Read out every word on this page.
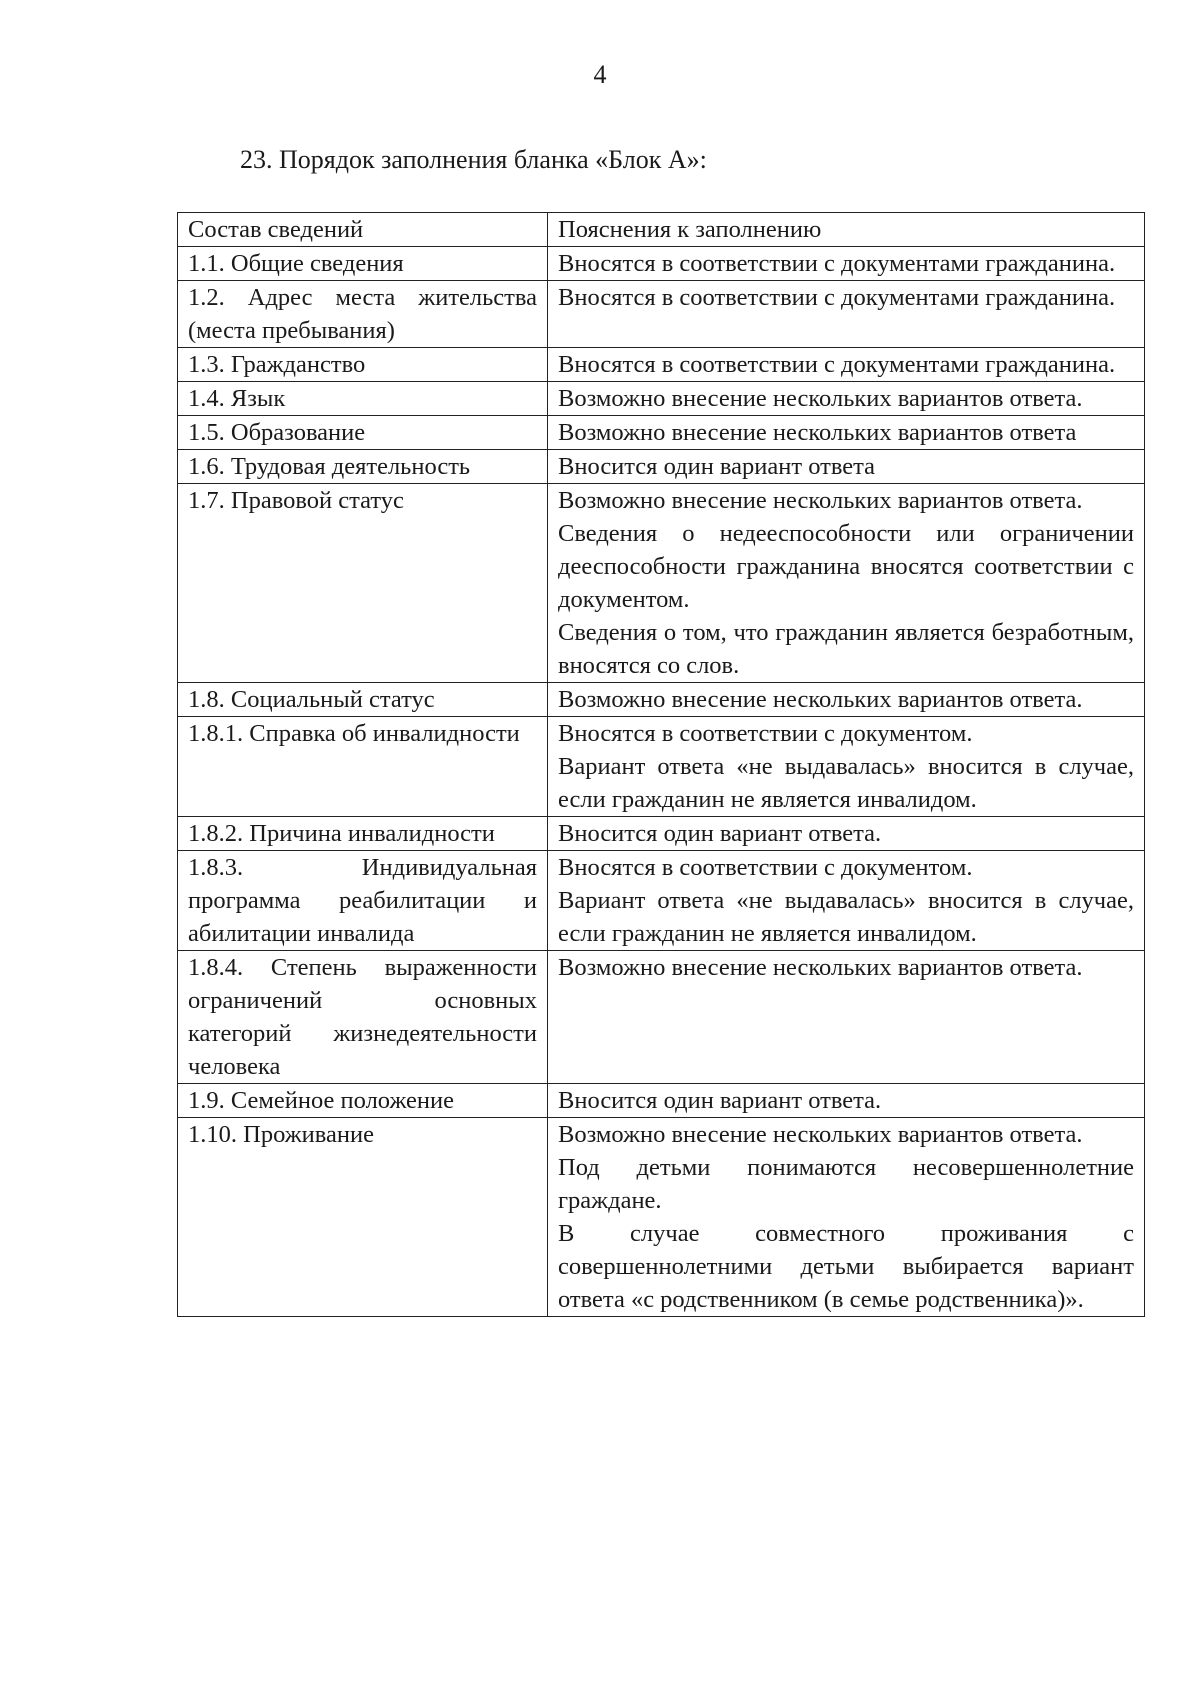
4
23. Порядок заполнения бланка «Блок А»:
Состав сведений	Пояснения к заполнению
1.1. Общие сведения	Вносятся в соответствии с документами гражданина.

1.2. Адрес места жительства (места пребывания)	Вносятся в соответствии с документами гражданина.

1.3. Гражданство	Вносятся в соответствии с документами гражданина.

1.4. Язык	Возможно внесение нескольких вариантов ответа.

1.5. Образование	Возможно внесение нескольких вариантов ответа

1.6. Трудовая деятельность	Вносится один вариант ответа

1.7. Правовой статус	Возможно внесение нескольких вариантов ответа.
Сведения о недееспособности или ограничении дееспособности гражданина вносятся соответствии с документом.
Сведения о том, что гражданин является безработным, вносятся со слов.

1.8. Социальный статус	Возможно внесение нескольких вариантов ответа.

1.8.1. Справка об инвалидности	Вносятся в соответствии с документом.
Вариант ответа «не выдавалась» вносится в случае, если гражданин не является инвалидом.

1.8.2. Причина инвалидности	Вносится один вариант ответа.

1.8.3. Индивидуальная программа реабилитации и абилитации инвалида	Вносятся в соответствии с документом.
Вариант ответа «не выдавалась» вносится в случае, если гражданин не является инвалидом.

1.8.4. Степень выраженности ограничений основных категорий жизнедеятельности человека	Возможно внесение нескольких вариантов ответа.

1.9. Семейное положение	Вносится один вариант ответа.

1.10. Проживание	Возможно внесение нескольких вариантов ответа.
Под детьми понимаются несовершеннолетние граждане.
В случае совместного проживания с совершеннолетними детьми выбирается вариант ответа «с родственником (в семье родственника)».
